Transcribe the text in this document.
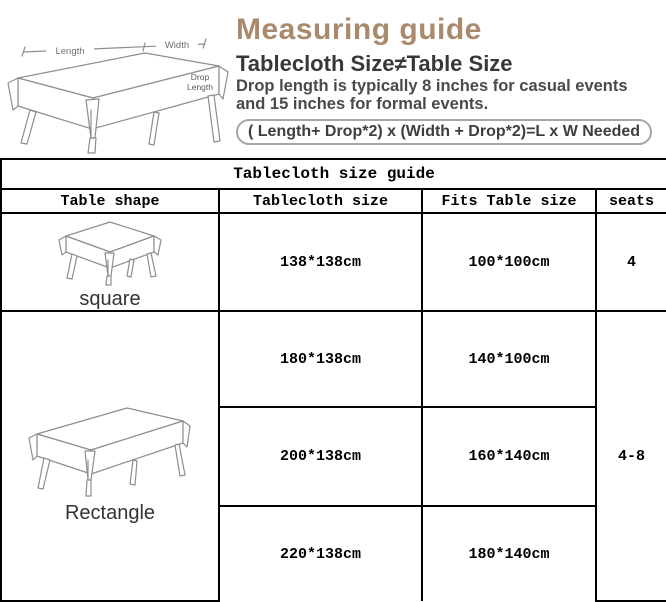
Length
Width
Drop
Length
Measuring guide
Tablecloth Size≠Table Size

Drop length is typically 8 inches for casual events
and 15 inches for formal events.

( Length+ Drop*2) x (Width + Drop*2)=L x W Needed
Tablecloth size guide			
Table shape	Tablecloth size	Fits Table size	seats

square	138*138cm	100*100cm	4

Rectangle	180*138cm	140*100cm	4-8
	200*138cm	160*140cm	
	220*138cm	180*140cm	
